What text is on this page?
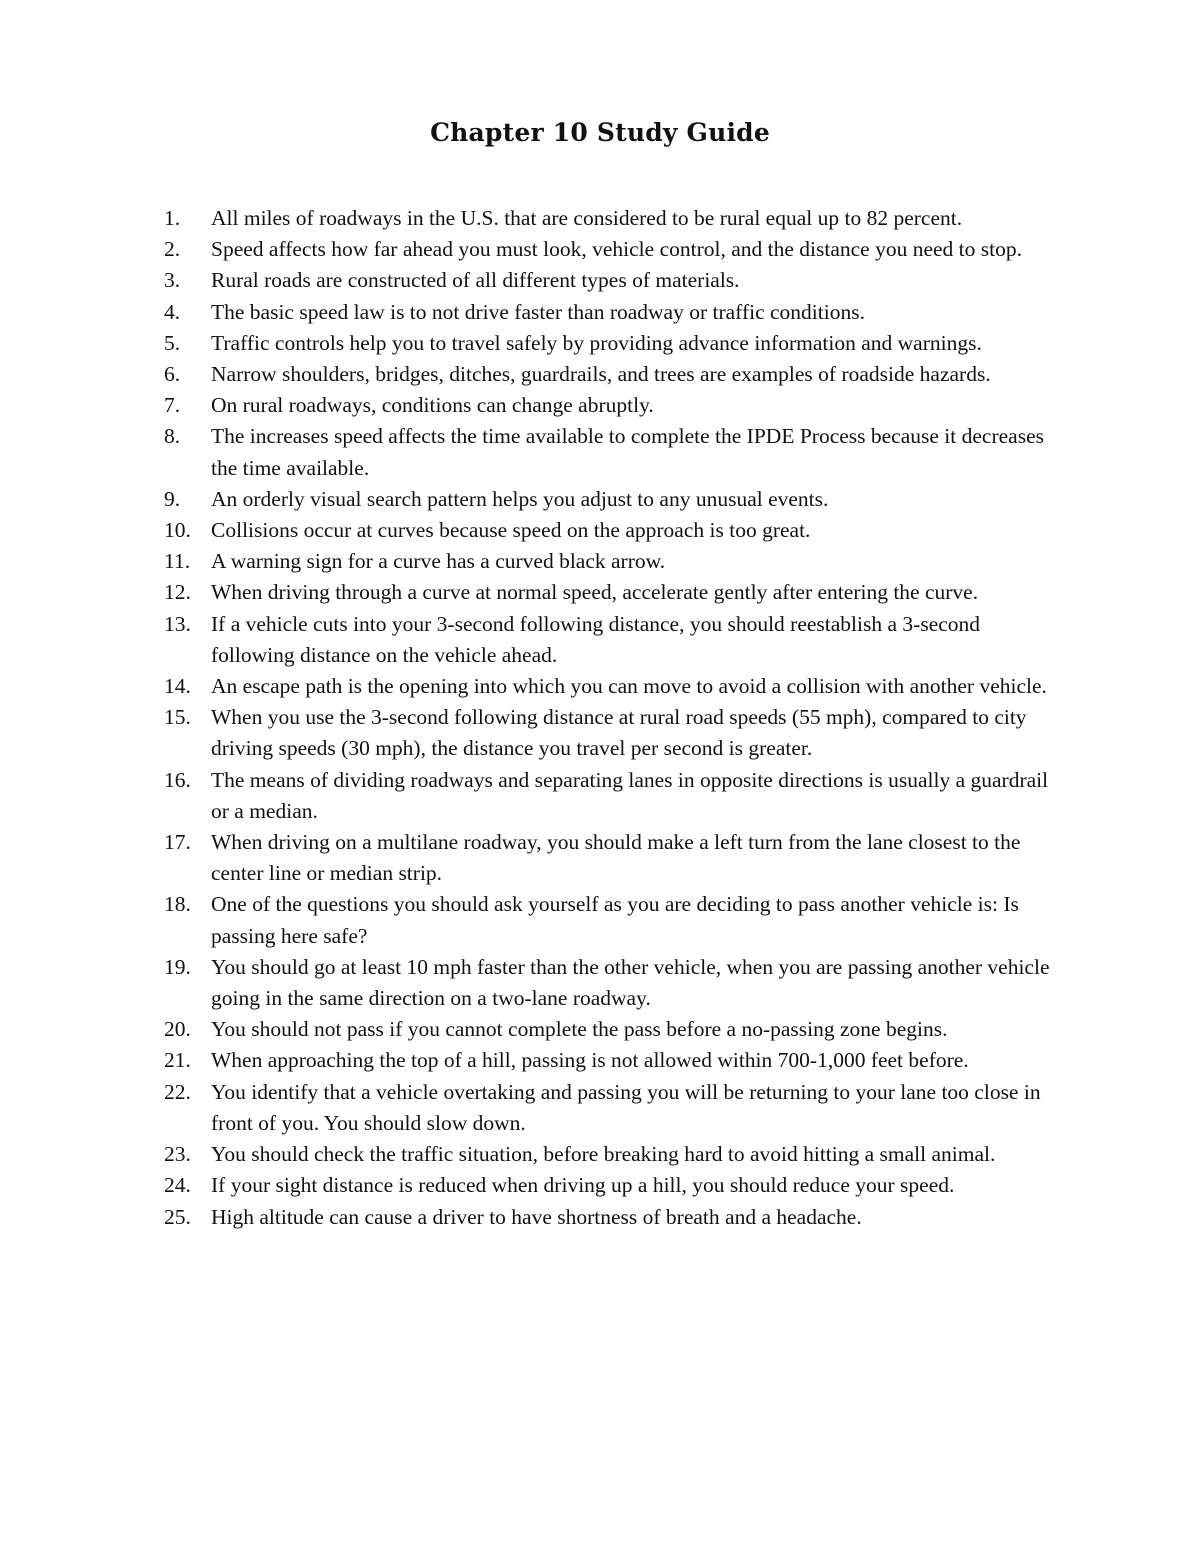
Chapter 10 Study Guide
1.	All miles of roadways in the U.S. that are considered to be rural equal up to 82 percent.
2.	Speed affects how far ahead you must look, vehicle control, and the distance you need to stop.
3.	Rural roads are constructed of all different types of materials.
4.	The basic speed law is to not drive faster than roadway or traffic conditions.
5.	Traffic controls help you to travel safely by providing advance information and warnings.
6.	Narrow shoulders, bridges, ditches, guardrails, and trees are examples of roadside hazards.
7.	On rural roadways, conditions can change abruptly.
8.	The increases speed affects the time available to complete the IPDE Process because it decreases the time available.
9.	An orderly visual search pattern helps you adjust to any unusual events.
10. Collisions occur at curves because speed on the approach is too great.
11. A warning sign for a curve has a curved black arrow.
12. When driving through a curve at normal speed, accelerate gently after entering the curve.
13. If a vehicle cuts into your 3-second following distance, you should reestablish a 3-second following distance on the vehicle ahead.
14. An escape path is the opening into which you can move to avoid a collision with another vehicle.
15. When you use the 3-second following distance at rural road speeds (55 mph), compared to city driving speeds (30 mph), the distance you travel per second is greater.
16. The means of dividing roadways and separating lanes in opposite directions is usually a guardrail or a median.
17. When driving on a multilane roadway, you should make a left turn from the lane closest to the center line or median strip.
18. One of the questions you should ask yourself as you are deciding to pass another vehicle is: Is passing here safe?
19. You should go at least 10 mph faster than the other vehicle, when you are passing another vehicle going in the same direction on a two-lane roadway.
20. You should not pass if you cannot complete the pass before a no-passing zone begins.
21. When approaching the top of a hill, passing is not allowed within 700-1,000 feet before.
22. You identify that a vehicle overtaking and passing you will be returning to your lane too close in front of you. You should slow down.
23. You should check the traffic situation, before breaking hard to avoid hitting a small animal.
24. If your sight distance is reduced when driving up a hill, you should reduce your speed.
25. High altitude can cause a driver to have shortness of breath and a headache.
